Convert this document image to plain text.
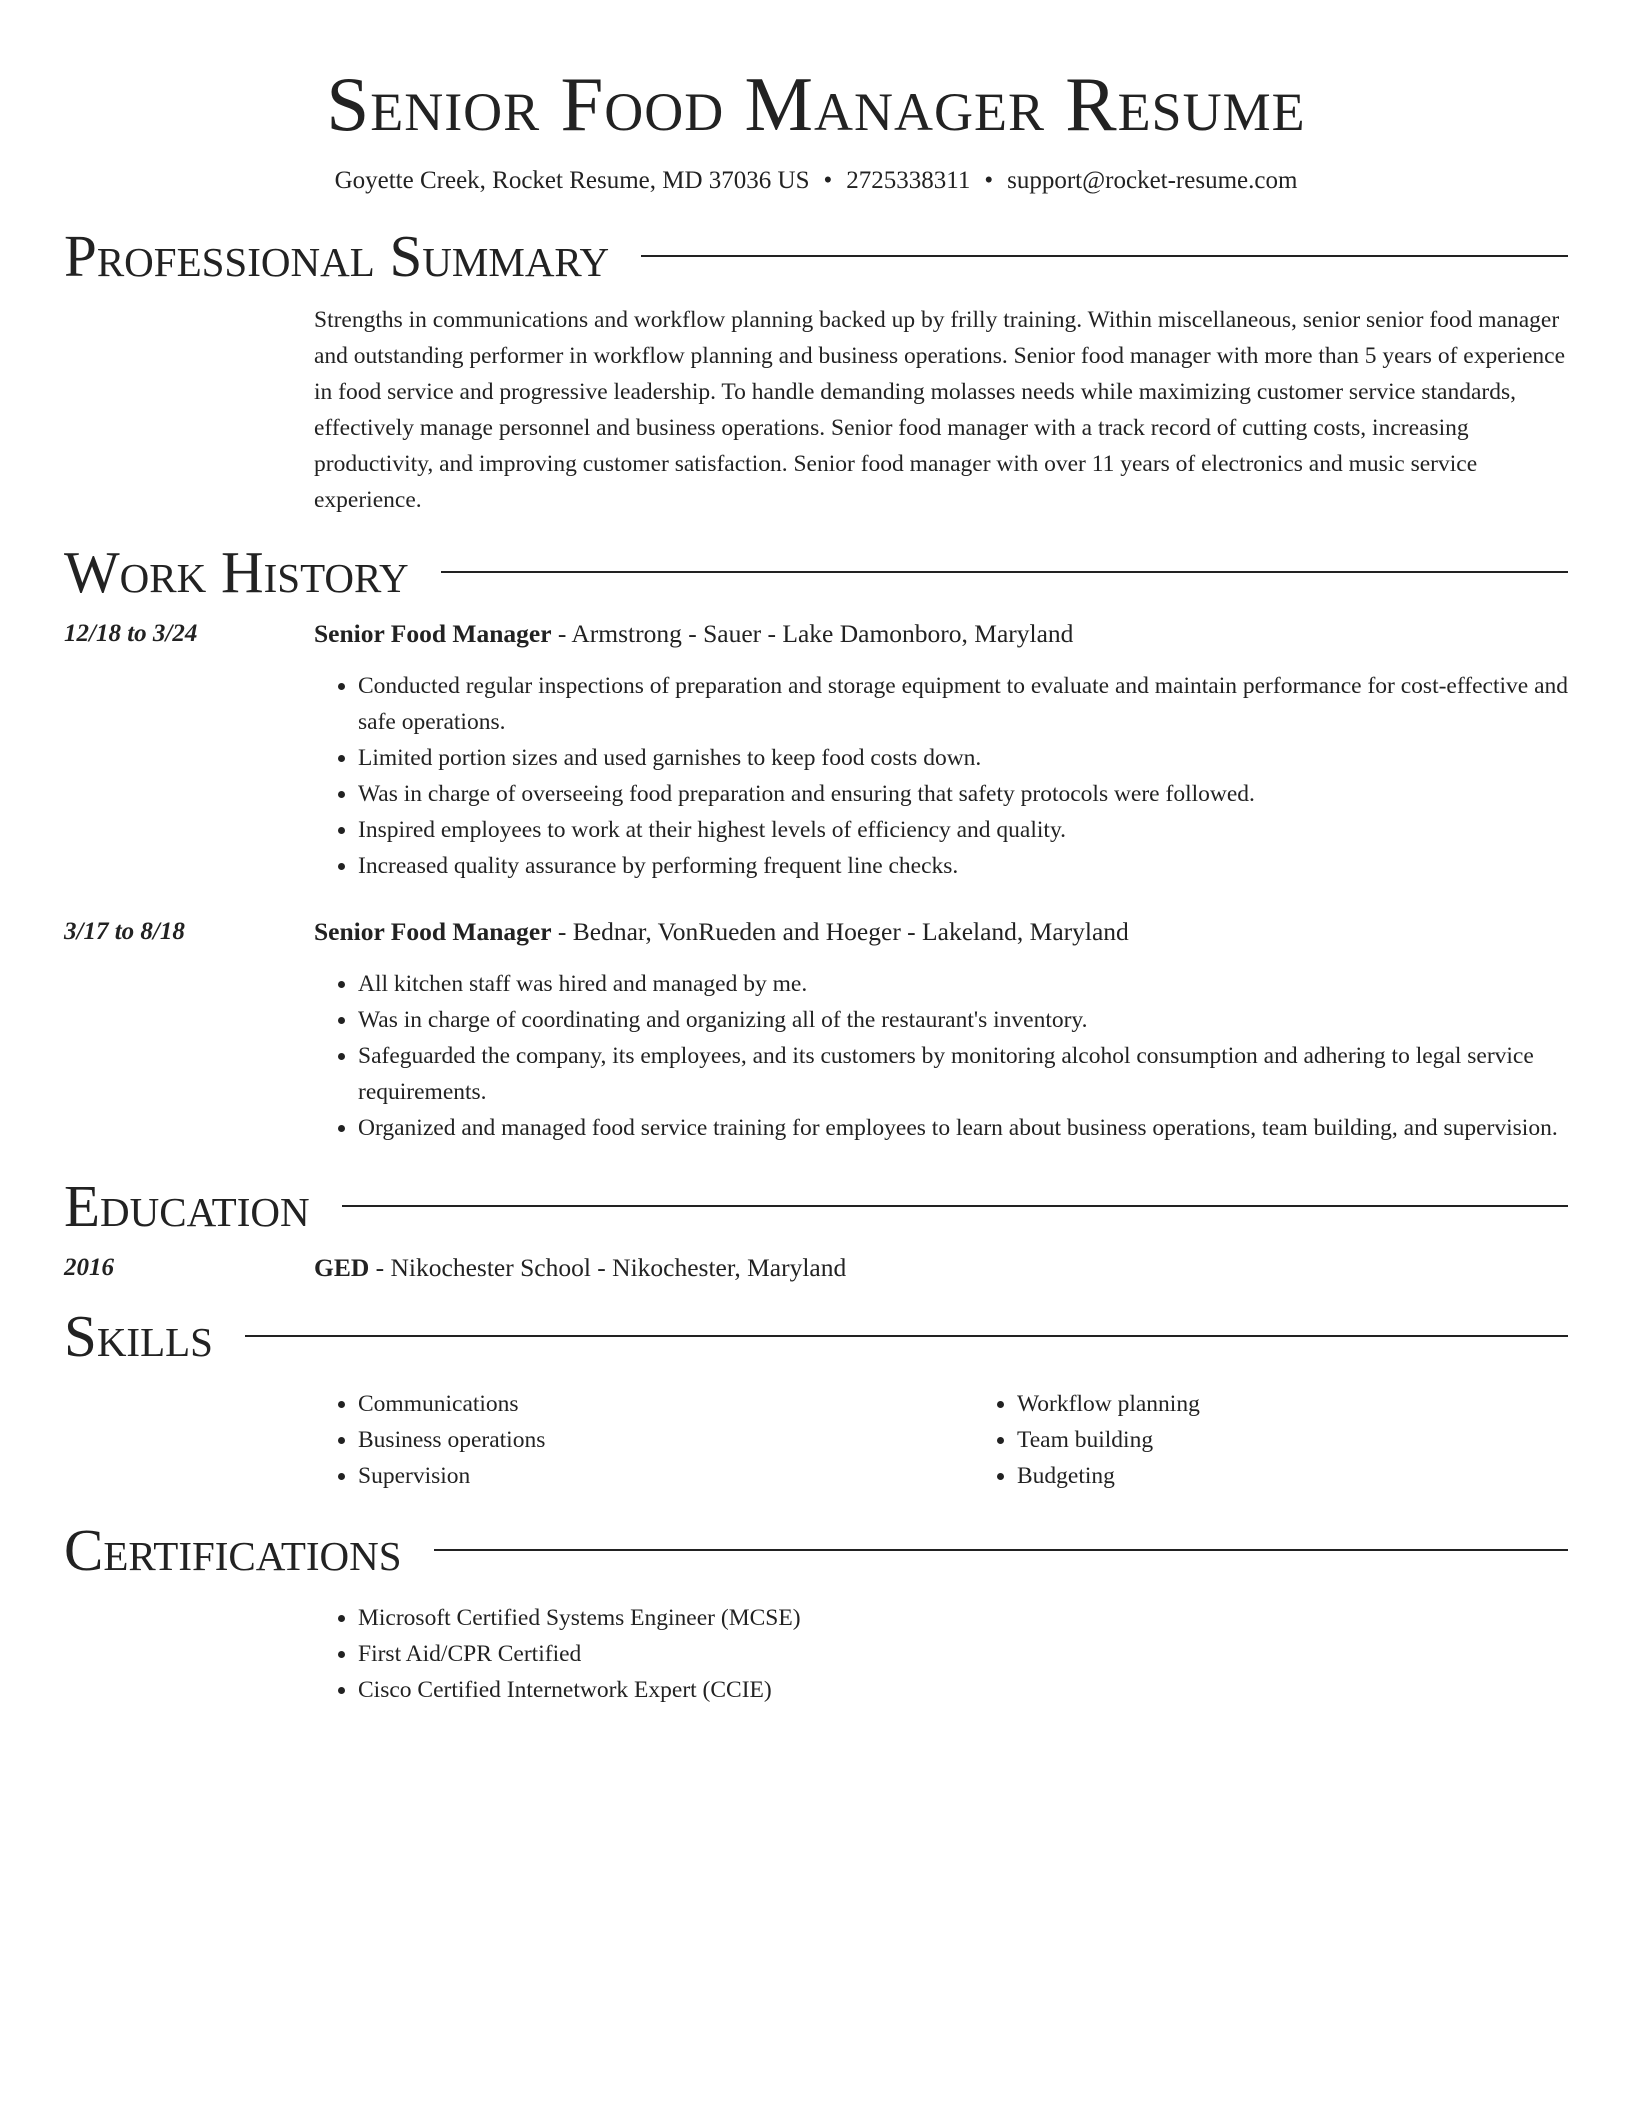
Senior Food Manager Resume
Goyette Creek, Rocket Resume, MD 37036 US • 2725338311 • support@rocket-resume.com
Professional Summary
Strengths in communications and workflow planning backed up by frilly training. Within miscellaneous, senior senior food manager and outstanding performer in workflow planning and business operations. Senior food manager with more than 5 years of experience in food service and progressive leadership. To handle demanding molasses needs while maximizing customer service standards, effectively manage personnel and business operations. Senior food manager with a track record of cutting costs, increasing productivity, and improving customer satisfaction. Senior food manager with over 11 years of electronics and music service experience.
Work History
12/18 to 3/24	Senior Food Manager - Armstrong - Sauer - Lake Damonboro, Maryland
• Conducted regular inspections of preparation and storage equipment to evaluate and maintain performance for cost-effective and safe operations.
• Limited portion sizes and used garnishes to keep food costs down.
• Was in charge of overseeing food preparation and ensuring that safety protocols were followed.
• Inspired employees to work at their highest levels of efficiency and quality.
• Increased quality assurance by performing frequent line checks.
3/17 to 8/18	Senior Food Manager - Bednar, VonRueden and Hoeger - Lakeland, Maryland
• All kitchen staff was hired and managed by me.
• Was in charge of coordinating and organizing all of the restaurant's inventory.
• Safeguarded the company, its employees, and its customers by monitoring alcohol consumption and adhering to legal service requirements.
• Organized and managed food service training for employees to learn about business operations, team building, and supervision.
Education
2016	GED - Nikochester School - Nikochester, Maryland
Skills
• Communications
• Business operations
• Supervision
• Workflow planning
• Team building
• Budgeting
Certifications
• Microsoft Certified Systems Engineer (MCSE)
• First Aid/CPR Certified
• Cisco Certified Internetwork Expert (CCIE)
